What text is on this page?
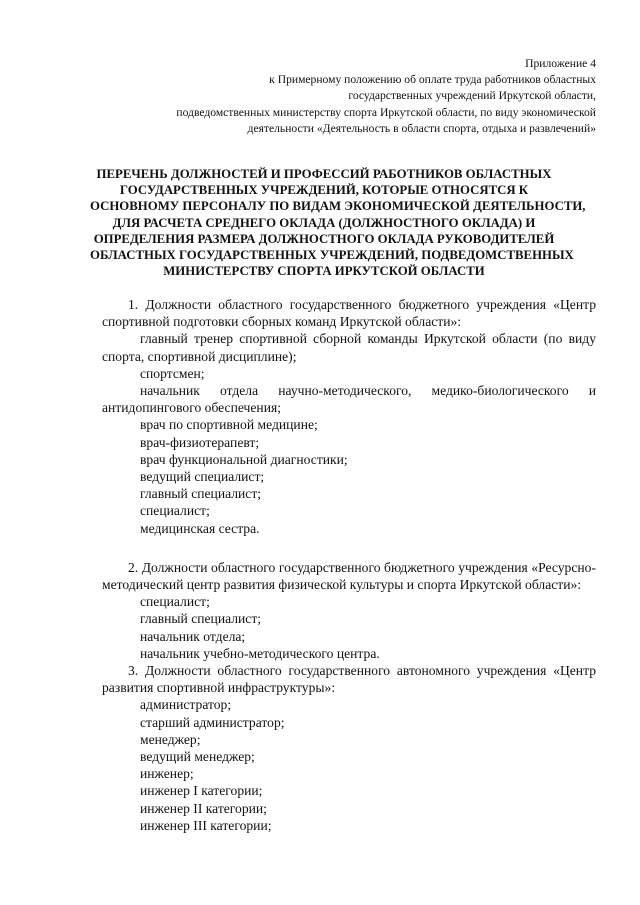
Приложение 4
к Примерному положению об оплате труда работников областных
государственных учреждений Иркутской области,
подведомственных министерству спорта Иркутской области, по виду экономической
деятельности «Деятельность в области спорта, отдыха и развлечений»
ПЕРЕЧЕНЬ ДОЛЖНОСТЕЙ И ПРОФЕССИЙ РАБОТНИКОВ ОБЛАСТНЫХ
ГОСУДАРСТВЕННЫХ УЧРЕЖДЕНИЙ, КОТОРЫЕ ОТНОСЯТСЯ К
ОСНОВНОМУ ПЕРСОНАЛУ ПО ВИДАМ ЭКОНОМИЧЕСКОЙ ДЕЯТЕЛЬНОСТИ,
ДЛЯ РАСЧЕТА СРЕДНЕГО ОКЛАДА (ДОЛЖНОСТНОГО ОКЛАДА) И
ОПРЕДЕЛЕНИЯ РАЗМЕРА ДОЛЖНОСТНОГО ОКЛАДА РУКОВОДИТЕЛЕЙ
ОБЛАСТНЫХ ГОСУДАРСТВЕННЫХ УЧРЕЖДЕНИЙ, ПОДВЕДОМСТВЕННЫХ
МИНИСТЕРСТВУ СПОРТА ИРКУТСКОЙ ОБЛАСТИ

1. Должности областного государственного бюджетного учреждения «Центр спортивной подготовки сборных команд Иркутской области»:

главный тренер спортивной сборной команды Иркутской области (по виду спорта, спортивной дисциплине);

спортсмен;

начальник отдела научно-методического, медико-биологического и антидопингового обеспечения;

врач по спортивной медицине;

врач-физиотерапевт;

врач функциональной диагностики;

ведущий специалист;

главный специалист;

специалист;

медицинская сестра.

2. Должности областного государственного бюджетного учреждения «Ресурсно-методический центр развития физической культуры и спорта Иркутской области»:

специалист;

главный специалист;

начальник отдела;

начальник учебно-методического центра.

3. Должности областного государственного автономного учреждения «Центр развития спортивной инфраструктуры»:

администратор;

старший администратор;

менеджер;

ведущий менеджер;

инженер;

инженер I категории;

инженер II категории;

инженер III категории;
